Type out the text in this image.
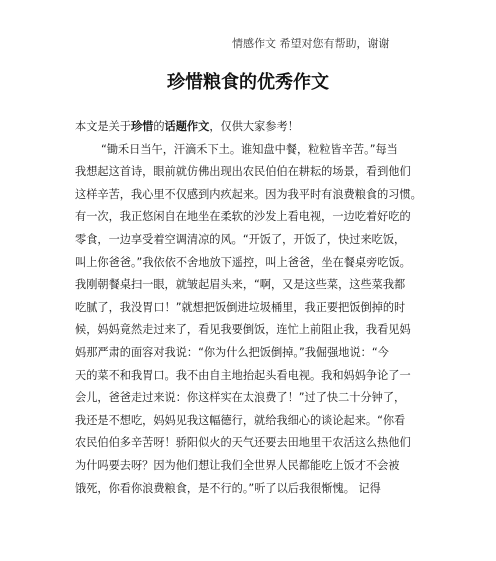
情感作文 希望对您有帮助，谢谢
珍惜粮食的优秀作文

本文是关于珍惜的话题作文，仅供大家参考！

“锄禾日当午，汗滴禾下土。谁知盘中餐，粒粒皆辛苦。”每当
我想起这首诗，眼前就仿佛出现出农民伯伯在耕耘的场景，看到他们
这样辛苦，我心里不仅感到内疚起来。因为我平时有浪费粮食的习惯。
有一次，我正悠闲自在地坐在柔软的沙发上看电视，一边吃着好吃的
零食，一边享受着空调清凉的风。“开饭了，开饭了，快过来吃饭，
叫上你爸爸。”我依依不舍地放下遥控，叫上爸爸，坐在餐桌旁吃饭。
我刚朝餐桌扫一眼，就皱起眉头来，“啊，又是这些菜，这些菜我都
吃腻了，我没胃口！”就想把饭倒进垃圾桶里，我正要把饭倒掉的时
候，妈妈竟然走过来了，看见我要倒饭，连忙上前阻止我，我看见妈
妈那严肃的面容对我说：“你为什么把饭倒掉。”我倔强地说：“今
天的菜不和我胃口。我不由自主地抬起头看电视。我和妈妈争论了一
会儿，爸爸走过来说：你这样实在太浪费了！”过了快二十分钟了，
我还是不想吃，妈妈见我这幅德行，就给我细心的谈论起来。“你看
农民伯伯多辛苦呀！骄阳似火的天气还要去田地里干农活这么热他们
为什吗要去呀？因为他们想让我们全世界人民都能吃上饭才不会被
饿死，你看你浪费粮食，是不行的。”听了以后我很惭愧。 记得
